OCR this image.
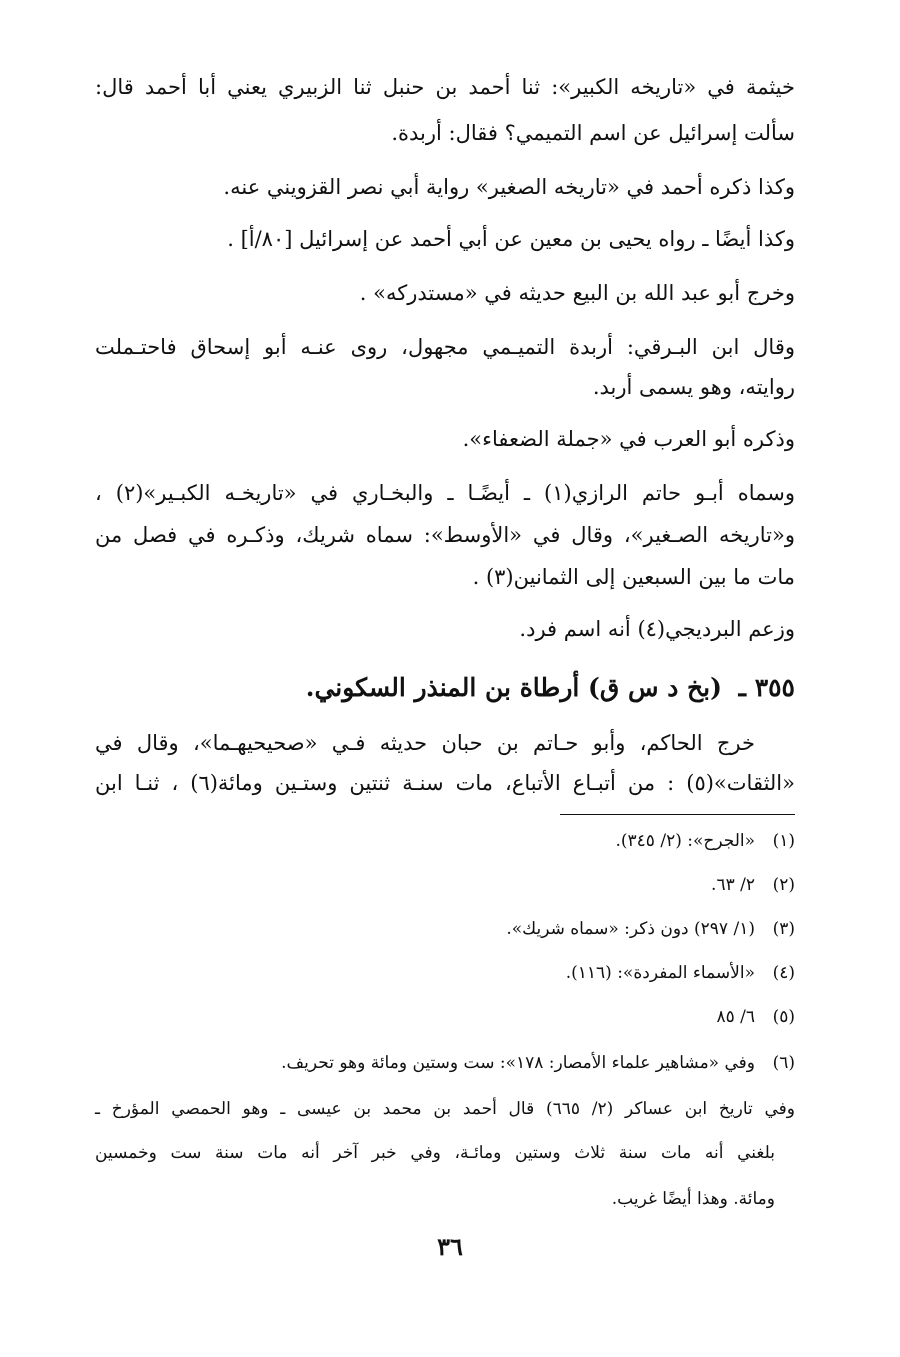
خيثمة في «تاريخه الكبير»: ثنا أحمد بن حنبل ثنا الزبيري يعني أبا أحمد قال:
سألت إسرائيل عن اسم التميمي؟ فقال: أربدة.
وكذا ذكره أحمد في «تاريخه الصغير» رواية أبي نصر القزويني عنه.
وكذا أيضًا ـ رواه يحيى بن معين عن أبي أحمد عن إسرائيل [٨٠/أ] .
وخرج أبو عبد الله بن البيع حديثه في «مستدركه» .
وقال ابن البـرقي: أربدة التميـمي مجهول، روى عنـه أبو إسحاق فاحتـملت
روايته، وهو يسمى أربد.
وذكره أبو العرب في «جملة الضعفاء».
وسماه أبـو حاتم الرازي(١) ـ أيضًـا ـ والبخـاري في «تاريخـه الكبـير»(٢) ،
و«تاريخه الصـغير»، وقال في «الأوسط»: سماه شريك، وذكـره في فصل من
مات ما بين السبعين إلى الثمانين(٣) .
وزعم البرديجي(٤) أنه اسم فرد.
٣٥٥ ـ (بخ د س ق) أرطاة بن المنذر السكوني.
خرج الحاكم، وأبو حـاتم بن حبان حديثه فـي «صحيحيهـما»، وقال في
«الثقات»(٥) : من أتبـاع الأتباع، مات سنـة ثنتين وستـين ومائة(٦) ، ثنـا ابن
(١)«الجرح»: (٢/ ٣٤٥).
(٢)٢/ ٦٣.
(٣)(١/ ٢٩٧) دون ذكر: «سماه شريك».
(٤)«الأسماء المفردة»: (١١٦).
(٥)٦/ ٨٥
(٦)وفي «مشاهير علماء الأمصار: ١٧٨»: ست وستين ومائة وهو تحريف.
وفي تاريخ ابن عساكر (٢/ ٦٦٥) قال أحمد بن محمد بن عيسى ـ وهو الحمصي المؤرخ ـ
بلغني أنه مات سنة ثلاث وستين ومائـة، وفي خبر آخر أنه مات سنة ست وخمسين
ومائة. وهذا أيضًا غريب.
٣٦
